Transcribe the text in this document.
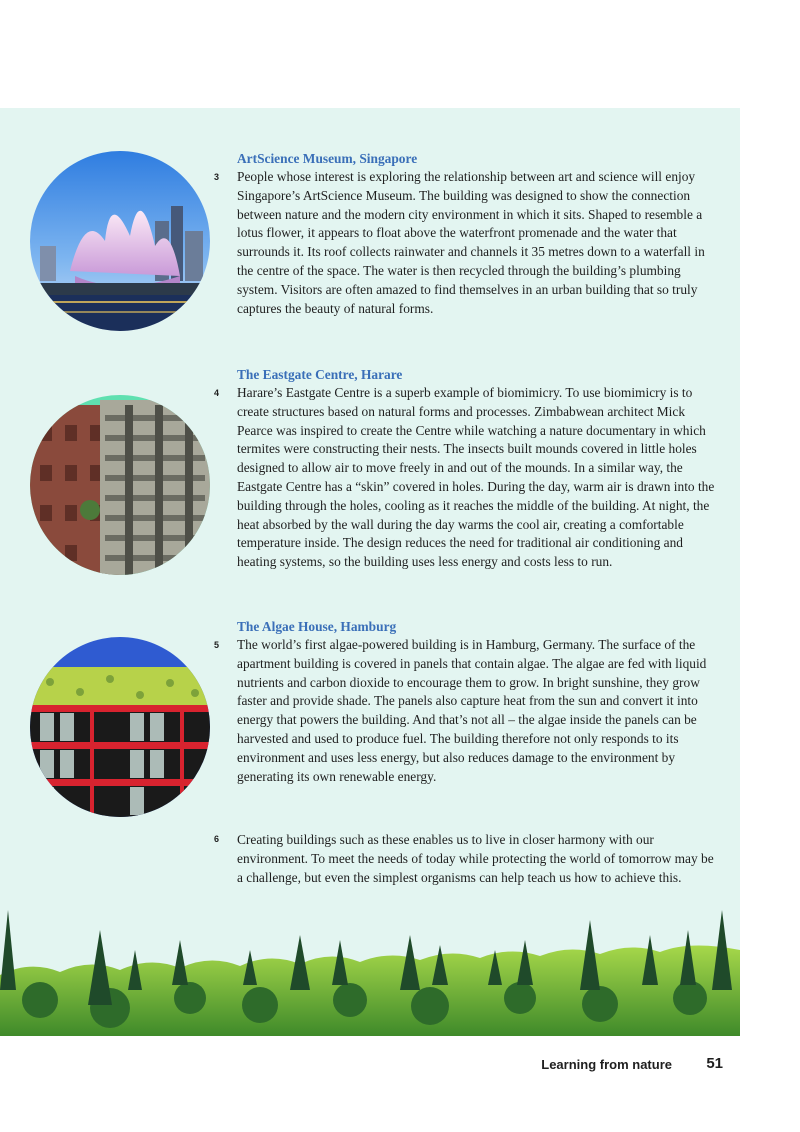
3

ArtScience Museum, Singapore

People whose interest is exploring the relationship between art and science will enjoy Singapore’s ArtScience Museum. The building was designed to show the connection between nature and the modern city environment in which it sits. Shaped to resemble a lotus flower, it appears to float above the waterfront promenade and the water that surrounds it. Its roof collects rainwater and channels it 35 metres down to a waterfall in the centre of the space. The water is then recycled through the building’s plumbing system. Visitors are often amazed to find themselves in an urban building that so truly captures the beauty of natural forms.

4

The Eastgate Centre, Harare

Harare’s Eastgate Centre is a superb example of biomimicry. To use biomimicry is to create structures based on natural forms and processes. Zimbabwean architect Mick Pearce was inspired to create the Centre while watching a nature documentary in which termites were constructing their nests. The insects built mounds covered in little holes designed to allow air to move freely in and out of the mounds. In a similar way, the Eastgate Centre has a “skin” covered in holes. During the day, warm air is drawn into the building through the holes, cooling as it reaches the middle of the building. At night, the heat absorbed by the wall during the day warms the cool air, creating a comfortable temperature inside. The design reduces the need for traditional air conditioning and heating systems, so the building uses less energy and costs less to run.

5

The Algae House, Hamburg

The world’s first algae-powered building is in Hamburg, Germany. The surface of the apartment building is covered in panels that contain algae. The algae are fed with liquid nutrients and carbon dioxide to encourage them to grow. In bright sunshine, they grow faster and provide shade. The panels also capture heat from the sun and convert it into energy that powers the building. And that’s not all – the algae inside the panels can be harvested and used to produce fuel. The building therefore not only responds to its environment and uses less energy, but also reduces damage to the environment by generating its own renewable energy.

6 Creating buildings such as these enables us to live in closer harmony with our environment. To meet the needs of today while protecting the world of tomorrow may be a challenge, but even the simplest organisms can help teach us how to achieve this.

Learning from nature 51
